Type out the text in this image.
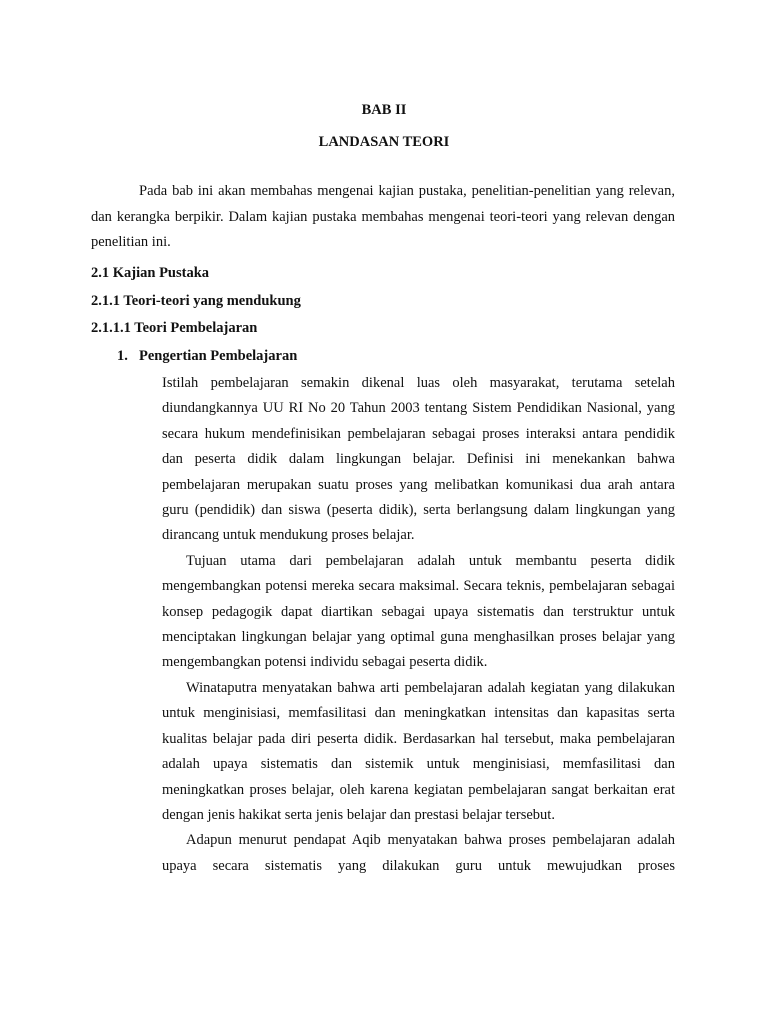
BAB II
LANDASAN TEORI

Pada bab ini akan membahas mengenai kajian pustaka, penelitian-penelitian yang relevan, dan kerangka berpikir. Dalam kajian pustaka membahas mengenai teori-teori yang relevan dengan penelitian ini.

2.1 Kajian Pustaka
2.1.1 Teori-teori yang mendukung
2.1.1.1 Teori Pembelajaran
1. Pengertian Pembelajaran

Istilah pembelajaran semakin dikenal luas oleh masyarakat, terutama setelah diundangkannya UU RI No 20 Tahun 2003 tentang Sistem Pendidikan Nasional, yang secara hukum mendefinisikan pembelajaran sebagai proses interaksi antara pendidik dan peserta didik dalam lingkungan belajar. Definisi ini menekankan bahwa pembelajaran merupakan suatu proses yang melibatkan komunikasi dua arah antara guru (pendidik) dan siswa (peserta didik), serta berlangsung dalam lingkungan yang dirancang untuk mendukung proses belajar.

Tujuan utama dari pembelajaran adalah untuk membantu peserta didik mengembangkan potensi mereka secara maksimal. Secara teknis, pembelajaran sebagai konsep pedagogik dapat diartikan sebagai upaya sistematis dan terstruktur untuk menciptakan lingkungan belajar yang optimal guna menghasilkan proses belajar yang mengembangkan potensi individu sebagai peserta didik.

Winataputra menyatakan bahwa arti pembelajaran adalah kegiatan yang dilakukan untuk menginisiasi, memfasilitasi dan meningkatkan intensitas dan kapasitas serta kualitas belajar pada diri peserta didik. Berdasarkan hal tersebut, maka pembelajaran adalah upaya sistematis dan sistemik untuk menginisiasi, memfasilitasi dan meningkatkan proses belajar, oleh karena kegiatan pembelajaran sangat berkaitan erat dengan jenis hakikat serta jenis belajar dan prestasi belajar tersebut.

Adapun menurut pendapat Aqib menyatakan bahwa proses pembelajaran adalah upaya secara sistematis yang dilakukan guru untuk mewujudkan proses
